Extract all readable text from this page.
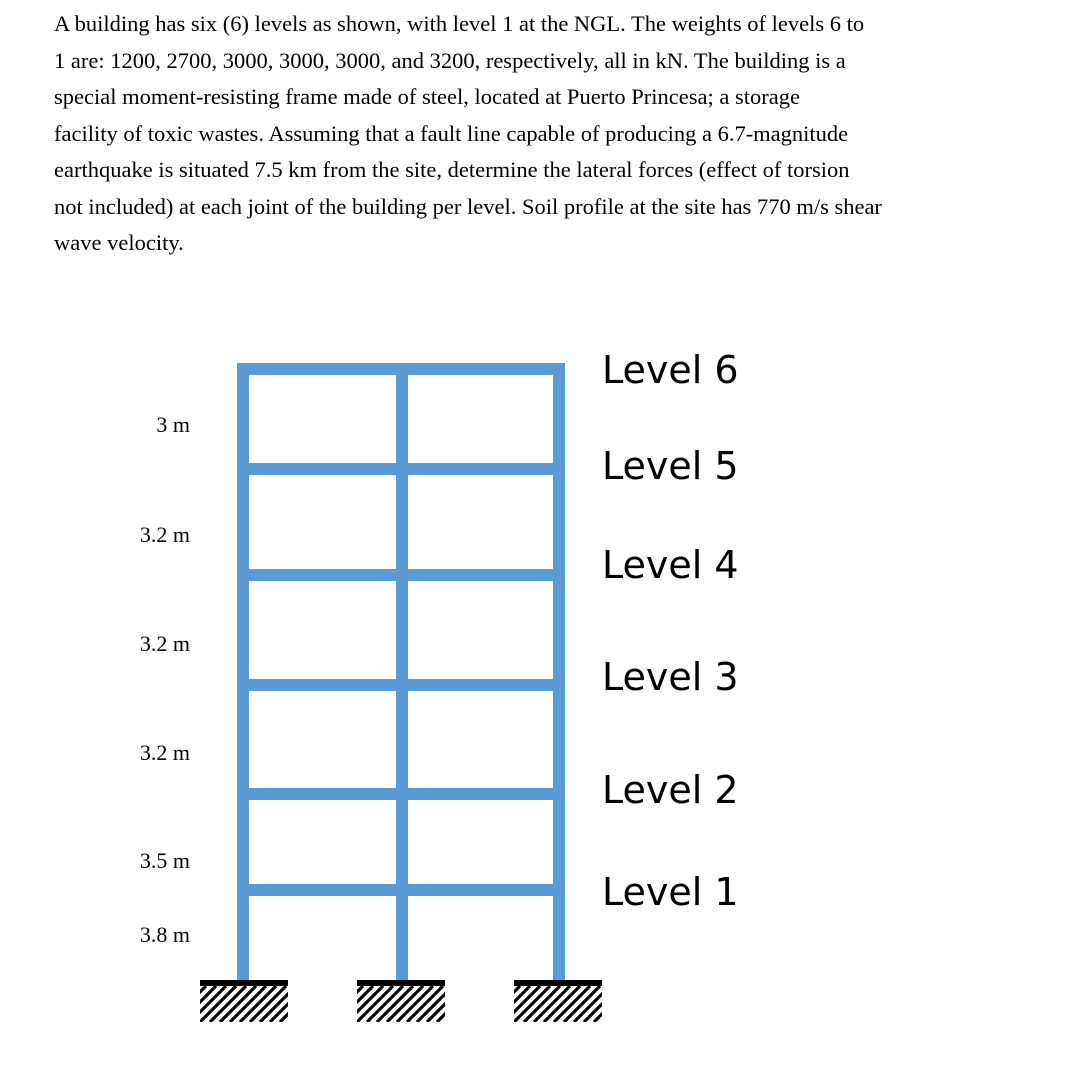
A building has six (6) levels as shown, with level 1 at the NGL. The weights of levels 6 to
1 are: 1200, 2700, 3000, 3000, 3000, and 3200, respectively, all in kN. The building is a
special moment-resisting frame made of steel, located at Puerto Princesa; a storage
facility of toxic wastes. Assuming that a fault line capable of producing a 6.7-magnitude
earthquake is situated 7.5 km from the site, determine the lateral forces (effect of torsion
not included) at each joint of the building per level. Soil profile at the site has 770 m/s shear
wave velocity.
3 m
3.2 m
3.2 m
3.2 m
3.5 m
3.8 m
Level 6
Level 5
Level 4
Level 3
Level 2
Level 1
